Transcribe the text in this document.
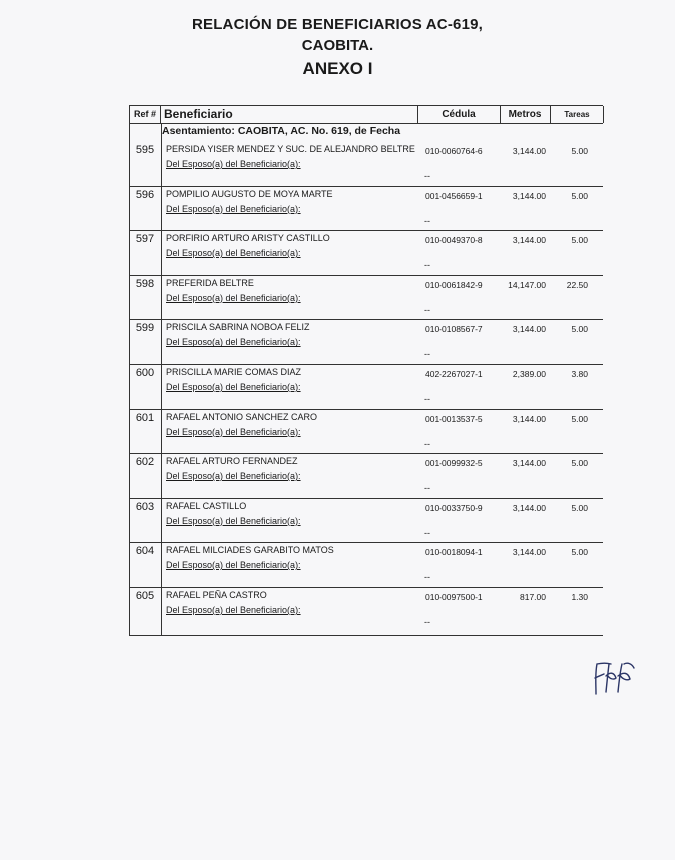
RELACIÓN DE BENEFICIARIOS AC-619,
CAOBITA.
ANEXO I
Ref # Beneficiario	Cédula	Metros	Tareas
Asentamiento: CAOBITA, AC. No. 619, de Fecha
595	PERSIDA YISER MENDEZ Y SUC. DE ALEJANDRO BELTRE 010-0060764-6	3,144.00	5.00
Del Esposo(a) del Beneficiario(a):
--
596	POMPILIO AUGUSTO DE MOYA MARTE	001-0456659-1	3,144.00	5.00
Del Esposo(a) del Beneficiario(a):
--
597	PORFIRIO ARTURO ARISTY CASTILLO	010-0049370-8	3,144.00	5.00
Del Esposo(a) del Beneficiario(a):
--
598	PREFERIDA BELTRE	010-0061842-9	14,147.00	22.50
Del Esposo(a) del Beneficiario(a):
--
599	PRISCILA SABRINA NOBOA FELIZ	010-0108567-7	3,144.00	5.00
Del Esposo(a) del Beneficiario(a):
--
600	PRISCILLA MARIE COMAS DIAZ	402-2267027-1	2,389.00	3.80
Del Esposo(a) del Beneficiario(a):
--
601	RAFAEL ANTONIO SANCHEZ CARO	001-0013537-5	3,144.00	5.00
Del Esposo(a) del Beneficiario(a):
--
602	RAFAEL ARTURO FERNANDEZ	001-0099932-5	3,144.00	5.00
Del Esposo(a) del Beneficiario(a):
--
603	RAFAEL CASTILLO	010-0033750-9	3,144.00	5.00
Del Esposo(a) del Beneficiario(a):
--
604	RAFAEL MILCIADES GARABITO MATOS	010-0018094-1	3,144.00	5.00
Del Esposo(a) del Beneficiario(a):
--
605	RAFAEL PEÑA CASTRO	010-0097500-1	817.00	1.30
Del Esposo(a) del Beneficiario(a):
--
